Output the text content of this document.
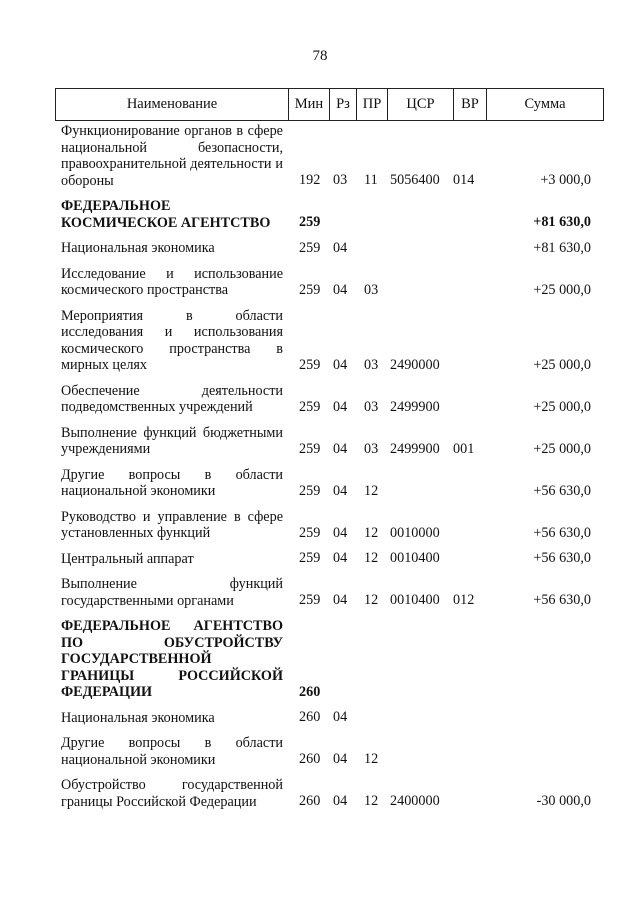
78
Наименование	Мин Рз ПР	ЦСР	ВР	Сумма
Функционирование органов в сфере национальной безопасности, правоохранительной деятельности и обороны	192 03 11 5056400 014	+3 000,0
ФЕДЕРАЛЬНОЕ КОСМИЧЕСКОЕ АГЕНТСТВО	259	+81 630,0
Национальная экономика	259 04	+81 630,0
Исследование и использование космического пространства	259 04 03	+25 000,0
Мероприятия в области исследования и использования космического пространства в мирных целях	259 04 03 2490000	+25 000,0
Обеспечение деятельности подведомственных учреждений	259 04 03 2499900	+25 000,0
Выполнение функций бюджетными учреждениями	259 04 03 2499900 001	+25 000,0
Другие вопросы в области национальной экономики	259 04 12	+56 630,0
Руководство и управление в сфере установленных функций	259 04 12 0010000	+56 630,0
Центральный аппарат	259 04 12 0010400	+56 630,0
Выполнение функций государственными органами	259 04 12 0010400 012	+56 630,0
ФЕДЕРАЛЬНОЕ АГЕНТСТВО ПО ОБУСТРОЙСТВУ ГОСУДАРСТВЕННОЙ ГРАНИЦЫ РОССИЙСКОЙ ФЕДЕРАЦИИ	260
Национальная экономика	260 04
Другие вопросы в области национальной экономики	260 04 12
Обустройство государственной границы Российской Федерации	260 04 12 2400000	-30 000,0
